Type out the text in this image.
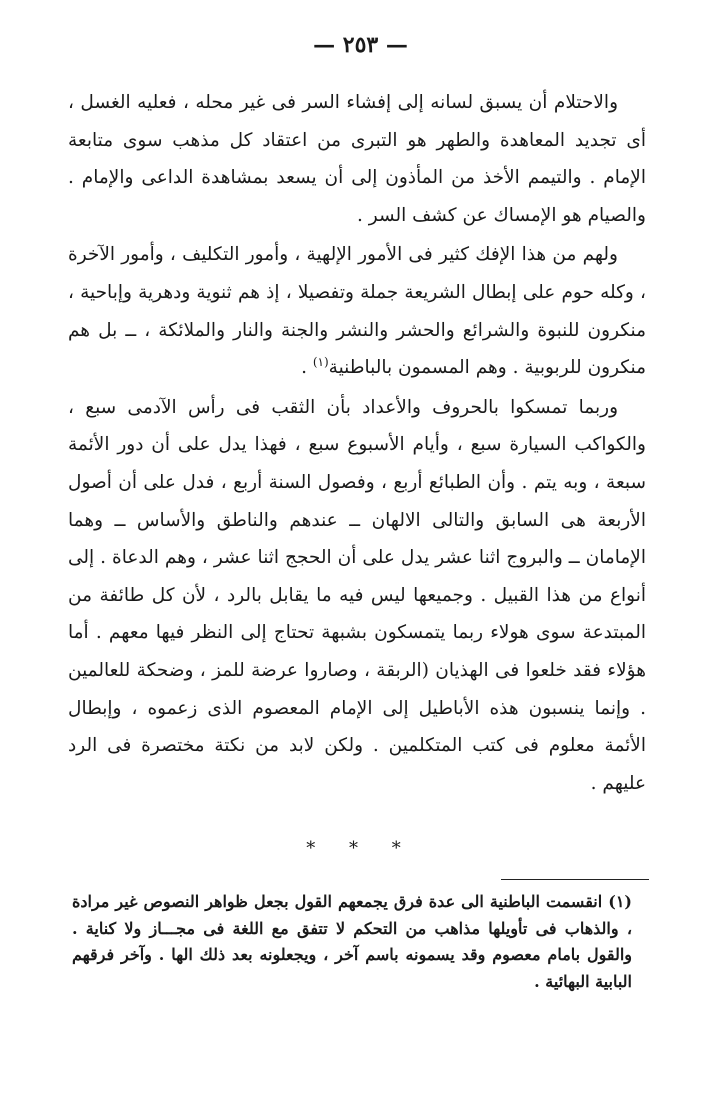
— ٢٥٣ —

والاحتلام أن يسبق لسانه إلى إفشاء السر فى غير محله ، فعليه الغسل ، أى تجديد المعاهدة والطهر هو التبرى من اعتقاد كل مذهب سوى متابعة الإمام . والتيمم الأخذ من المأذون إلى أن يسعد بمشاهدة الداعى والإمام . والصيام هو الإمساك عن كشف السر .

ولهم من هذا الإفك كثير فى الأمور الإلهية ، وأمور التكليف ، وأمور الآخرة ، وكله حوم على إبطال الشريعة جملة وتفصيلا ، إذ هم ثنوية ودهرية وإباحية ، منكرون للنبوة والشرائع والحشر والنشر والجنة والنار والملائكة ، ــ بل هم منكرون للربوبية . وهم المسمون بالباطنية$^{(١)}$ .

وربما تمسكوا بالحروف والأعداد بأن الثقب فى رأس الآدمى سبع ، والكواكب السيارة سبع ، وأيام الأسبوع سبع ، فهذا يدل على أن دور الأئمة سبعة ، وبه يتم . وأن الطبائع أربع ، وفصول السنة أربع ، فدل على أن أصول الأربعة هى السابق والتالى الالهان ــ عندهم والناطق والأساس ــ وهما الإمامان ــ والبروج اثنا عشر يدل على أن الحجج اثنا عشر ، وهم الدعاة . إلى أنواع من هذا القبيل . وجميعها ليس فيه ما يقابل بالرد ، لأن كل طائفة من المبتدعة سوى هولاء ربما يتمسكون بشبهة تحتاج إلى النظر فيها معهم . أما هؤلاء فقد خلعوا فى الهذيان (الربقة ، وصاروا عرضة للمز ، وضحكة للعالمين . وإنما ينسبون هذه الأباطيل إلى الإمام المعصوم الذى زعموه ، وإبطال الأئمة معلوم فى كتب المتكلمين . ولكن لابد من نكتة مختصرة فى الرد عليهم .

* * *

(١) انقسمت الباطنية الى عدة فرق يجمعهم القول بجعل ظواهر النصوص غير مرادة ، والذهاب فى تأويلها مذاهب من التحكم لا تتفق مع اللغة فى مجـــاز ولا كناية . والقول بامام معصوم وقد يسمونه باسم آخر ، ويجعلونه بعد ذلك الها . وآخر فرقهم البابية البهائية .
